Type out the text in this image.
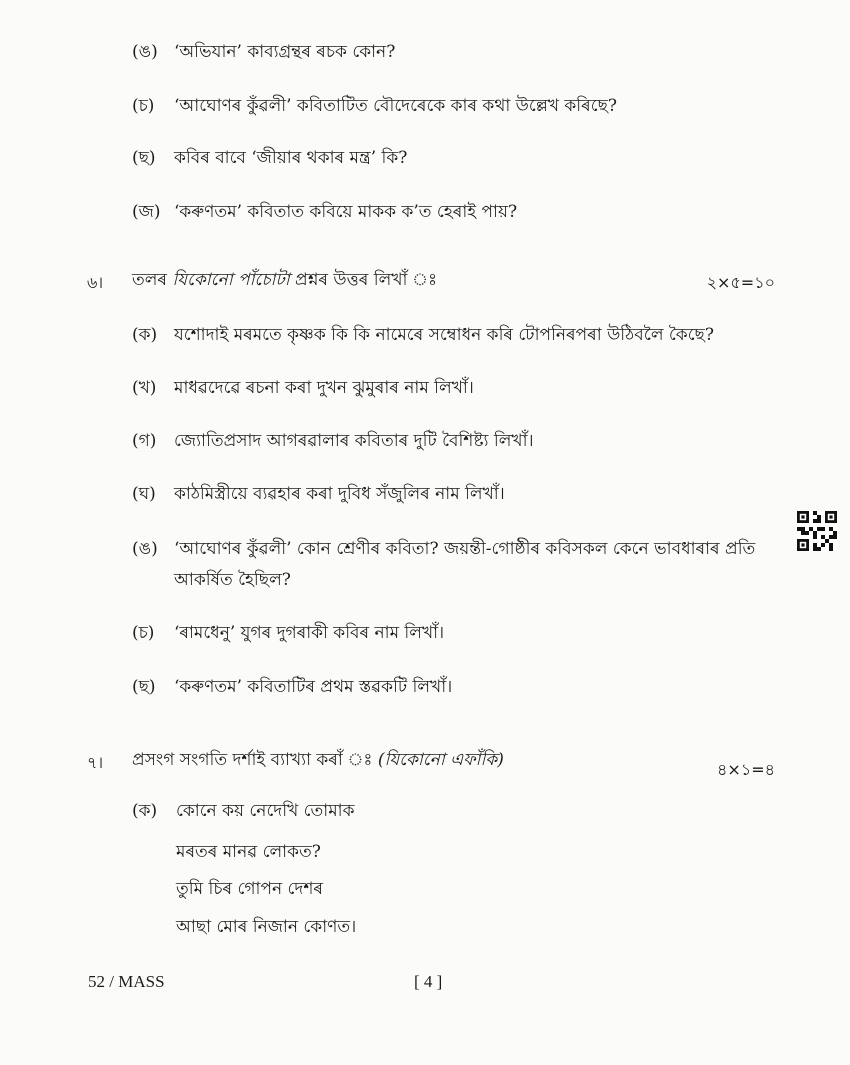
(ঙ) ‘অভিযান’ কাব্যগ্ৰন্থৰ ৰচক কোন?
(চ) ‘আঘোণৰ কুঁৱলী’ কবিতাটিত বৌদেৰেকে কাৰ কথা উল্লেখ কৰিছে?
(ছ) কবিৰ বাবে ‘জীয়াৰ থকাৰ মন্ত্ৰ’ কি?
(জ) ‘কৰুণতম’ কবিতাত কবিয়ে মাকক ক’ত হেৰাই পায়?
৬। তলৰ যিকোনো পাঁচোটা প্ৰশ্নৰ উত্তৰ লিখাঁ ঃ	২×৫=১০
(ক) যশোদাই মৰমতে কৃষ্ণক কি কি নামেৰে সম্বোধন কৰি টোপনিৰপৰা উঠিবলৈ কৈছে?
(খ) মাধৱদেৱে ৰচনা কৰা দুখন ঝুমুৰাৰ নাম লিখাঁ।
(গ) জ্যোতিপ্ৰসাদ আগৰৱালাৰ কবিতাৰ দুটি বৈশিষ্ট্য লিখাঁ।
(ঘ) কাঠমিস্ত্ৰীয়ে ব্যৱহাৰ কৰা দুবিধ সঁজুলিৰ নাম লিখাঁ।
(ঙ) ‘আঘোণৰ কুঁৱলী’ কোন শ্ৰেণীৰ কবিতা? জয়ন্তী-গোষ্ঠীৰ কবিসকল কেনে ভাবধাৰাৰ প্ৰতি
আকৰ্ষিত হৈছিল?
(চ) ‘ৰামধেনু’ যুগৰ দুগৰাকী কবিৰ নাম লিখাঁ।
(ছ) ‘কৰুণতম’ কবিতাটিৰ প্ৰথম স্তৱকটি লিখাঁ।
৭। প্ৰসংগ সংগতি দৰ্শাই ব্যাখ্যা কৰাঁ ঃ (যিকোনো এফাঁকি)	৪×১=৪
(ক) কোনে কয় নেদেখি তোমাক
মৰতৰ মানৱ লোকত?
তুমি চিৰ গোপন দেশৰ
আছা মোৰ নিজান কোণত।
52 / MASS	[ 4 ]
